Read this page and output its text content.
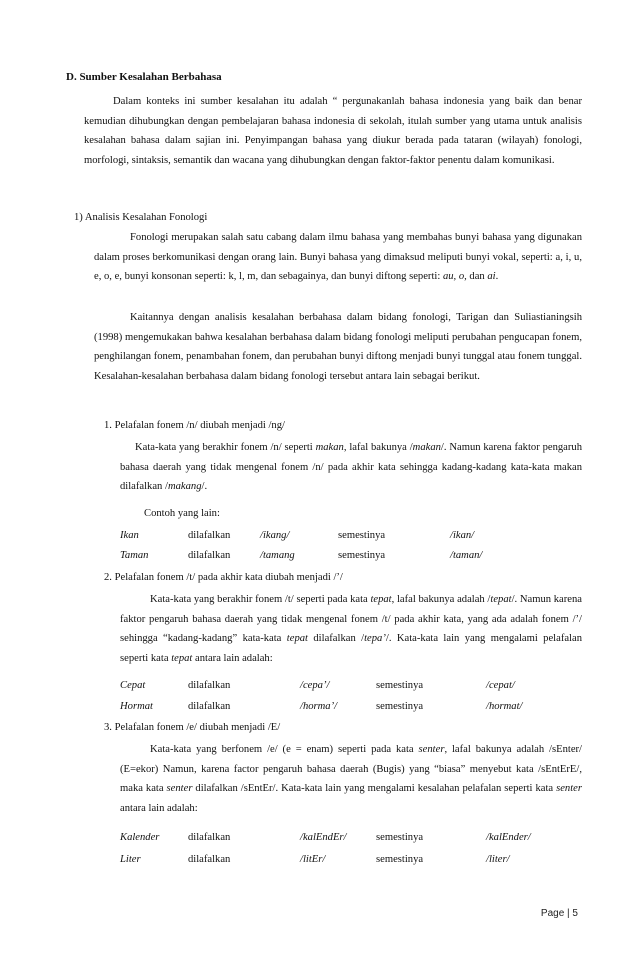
D. Sumber Kesalahan Berbahasa
Dalam konteks ini sumber kesalahan itu adalah “ pergunakanlah bahasa indonesia yang baik dan benar kemudian dihubungkan dengan pembelajaran bahasa indonesia di sekolah, itulah sumber yang utama untuk analisis kesalahan bahasa dalam sajian ini. Penyimpangan bahasa yang diukur berada pada tataran (wilayah) fonologi, morfologi, sintaksis, semantik dan wacana yang dihubungkan dengan faktor-faktor penentu dalam komunikasi.
1) Analisis Kesalahan Fonologi
Fonologi merupakan salah satu cabang dalam ilmu bahasa yang membahas bunyi bahasa yang digunakan dalam proses berkomunikasi dengan orang lain. Bunyi bahasa yang dimaksud meliputi bunyi vokal, seperti: a, i, u, e, o, e, bunyi konsonan seperti: k, l, m, dan sebagainya, dan bunyi diftong seperti: au, o, dan ai.
Kaitannya dengan analisis kesalahan berbahasa dalam bidang fonologi, Tarigan dan Suliastianingsih (1998) mengemukakan bahwa kesalahan berbahasa dalam bidang fonologi meliputi perubahan pengucapan fonem, penghilangan fonem, penambahan fonem, dan perubahan bunyi diftong menjadi bunyi tunggal atau fonem tunggal. Kesalahan-kesalahan berbahasa dalam bidang fonologi tersebut antara lain sebagai berikut.
1. Pelafalan fonem /n/ diubah menjadi /ng/
Kata-kata yang berakhir fonem /n/ seperti makan, lafal bakunya /makan/. Namun karena faktor pengaruh bahasa daerah yang tidak mengenal fonem /n/ pada akhir kata sehingga kadang-kadang kata-kata makan dilafalkan /makang/.
Contoh yang lain:
Ikan	dilafalkan	/ikang/	semestinya	/ikan/
Taman	dilafalkan	/tamang	semestinya	/taman/
2. Pelafalan fonem /t/ pada akhir kata diubah menjadi /’/
Kata-kata yang berakhir fonem /t/ seperti pada kata tepat, lafal bakunya adalah /tepat/. Namun karena faktor pengaruh bahasa daerah yang tidak mengenal fonem /t/ pada akhir kata, yang ada adalah fonem /’/ sehingga “kadang-kadang” kata-kata tepat dilafalkan /tepa’/. Kata-kata lain yang mengalami pelafalan seperti kata tepat antara lain adalah:
Cepat	dilafalkan	/cepa’/	semestinya	/cepat/
Hormat	dilafalkan	/horma’/	semestinya	/hormat/
3. Pelafalan fonem /e/ diubah menjadi /E/
Kata-kata yang berfonem /e/ (e = enam) seperti pada kata senter, lafal bakunya adalah /sEnter/ (E=ekor) Namun, karena factor pengaruh bahasa daerah (Bugis) yang “biasa” menyebut kata /sEntErE/, maka kata senter dilafalkan /sEntEr/. Kata-kata lain yang mengalami kesalahan pelafalan seperti kata senter antara lain adalah:
Kalender	dilafalkan	/kalEndEr/	semestinya	/kalEnder/
Liter	dilafalkan	/litEr/	semestinya	/liter/
Page | 5
